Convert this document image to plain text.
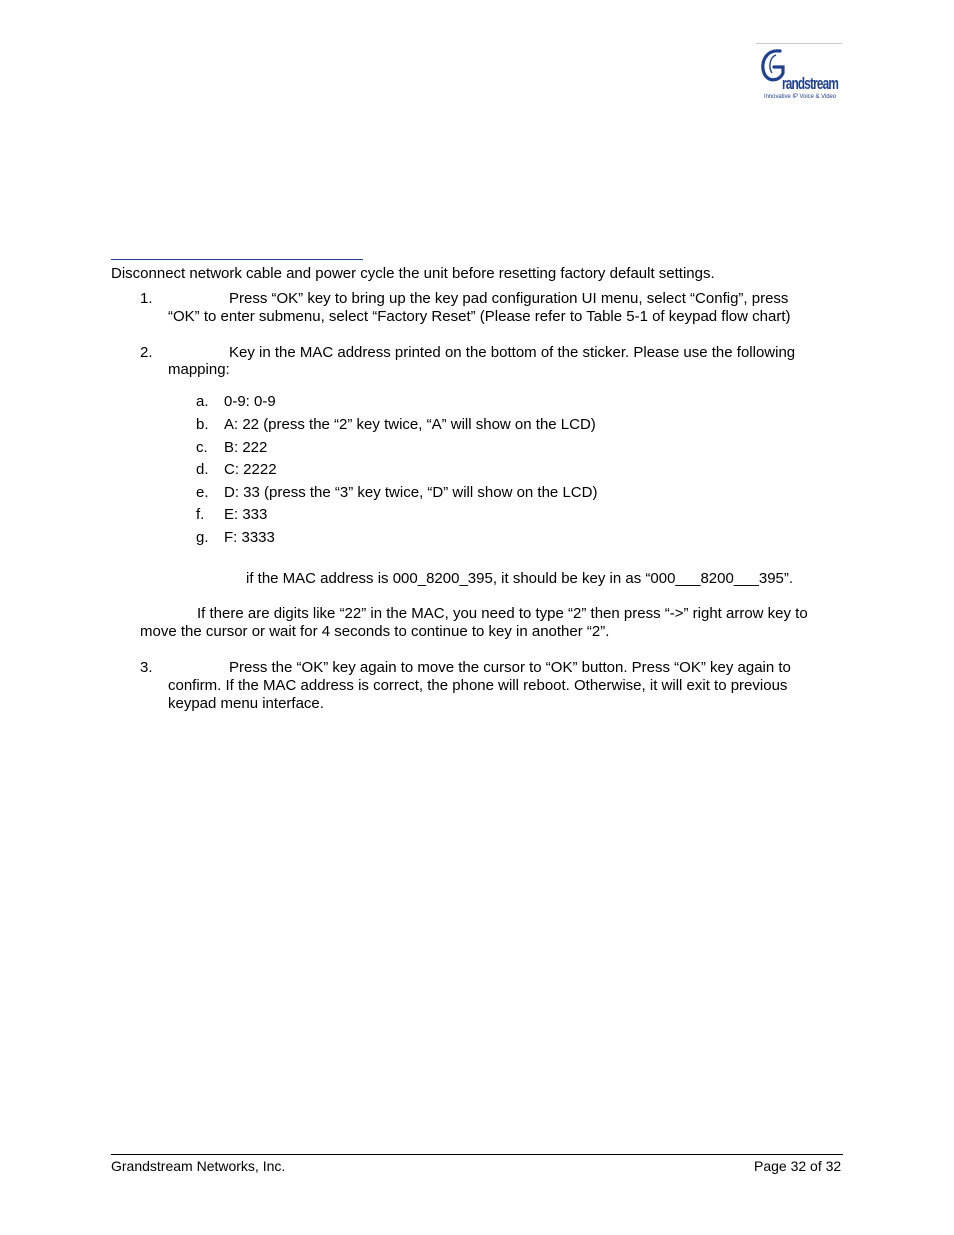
randstream
Innovative IP Voice & Video
Disconnect network cable and power cycle the unit before resetting factory default settings.
1.	Press “OK” key to bring up the key pad configuration UI menu, select “Config”, press
“OK” to enter submenu, select “Factory Reset” (Please refer to Table 5-1 of keypad flow chart)
2.	Key in the MAC address printed on the bottom of the sticker. Please use the following
mapping:
a. 0-9: 0-9
b. A: 22 (press the “2” key twice, “A” will show on the LCD)
c. B: 222
d. C: 2222
e. D: 33 (press the “3” key twice, “D” will show on the LCD)
f. E: 333
g. F: 3333
if the MAC address is 000_8200_395, it should be key in as “000___8200___395”.
If there are digits like “22” in the MAC, you need to type “2” then press “->” right arrow key to
move the cursor or wait for 4 seconds to continue to key in another “2”.
3.	Press the “OK” key again to move the cursor to “OK” button. Press “OK” key again to
confirm. If the MAC address is correct, the phone will reboot. Otherwise, it will exit to previous
keypad menu interface.
Grandstream Networks, Inc.	Page 32 of 32
